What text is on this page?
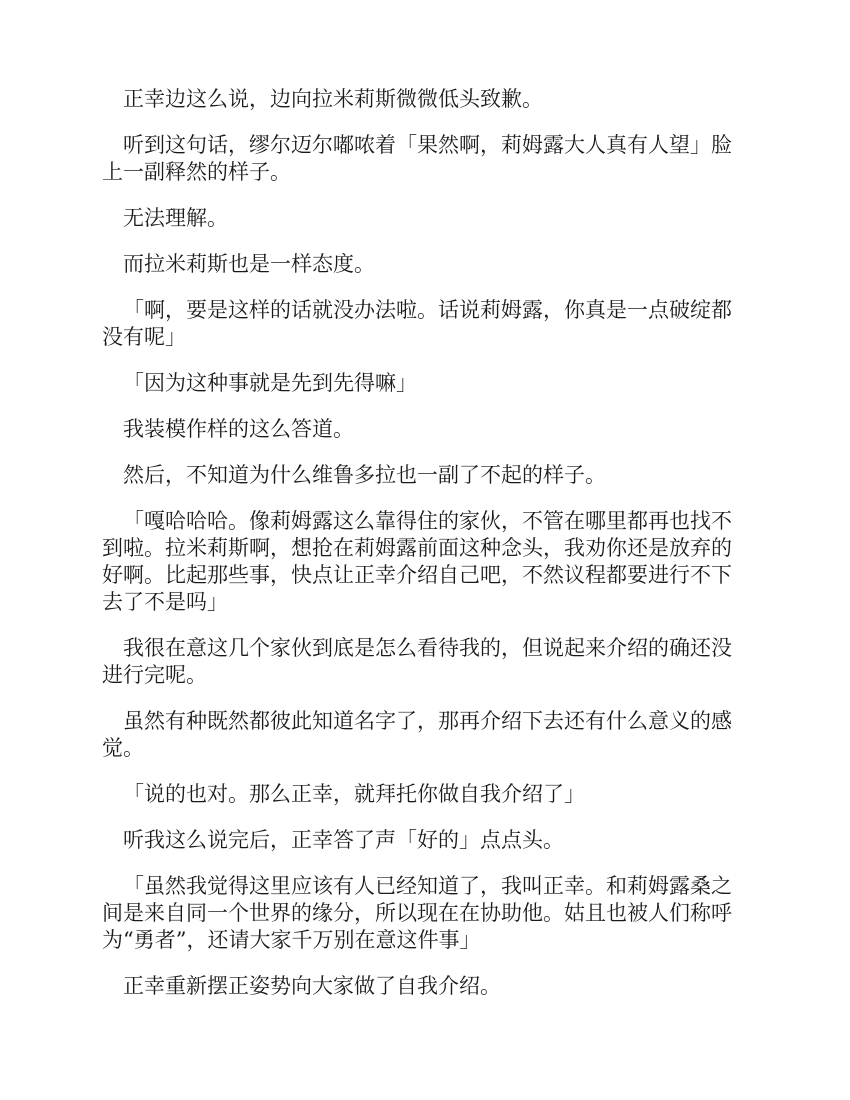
正幸边这么说，边向拉米莉斯微微低头致歉。

听到这句话，缪尔迈尔嘟哝着「果然啊，莉姆露大人真有人望」脸上一副释然的样子。

无法理解。

而拉米莉斯也是一样态度。

「啊，要是这样的话就没办法啦。话说莉姆露，你真是一点破绽都没有呢」

「因为这种事就是先到先得嘛」

我装模作样的这么答道。

然后，不知道为什么维鲁多拉也一副了不起的样子。

「嘎哈哈哈。像莉姆露这么靠得住的家伙，不管在哪里都再也找不到啦。拉米莉斯啊，想抢在莉姆露前面这种念头，我劝你还是放弃的好啊。比起那些事，快点让正幸介绍自己吧，不然议程都要进行不下去了不是吗」

我很在意这几个家伙到底是怎么看待我的，但说起来介绍的确还没进行完呢。

虽然有种既然都彼此知道名字了，那再介绍下去还有什么意义的感觉。

「说的也对。那么正幸，就拜托你做自我介绍了」

听我这么说完后，正幸答了声「好的」点点头。

「虽然我觉得这里应该有人已经知道了，我叫正幸。和莉姆露桑之间是来自同一个世界的缘分，所以现在在协助他。姑且也被人们称呼为“勇者”，还请大家千万别在意这件事」

正幸重新摆正姿势向大家做了自我介绍。
